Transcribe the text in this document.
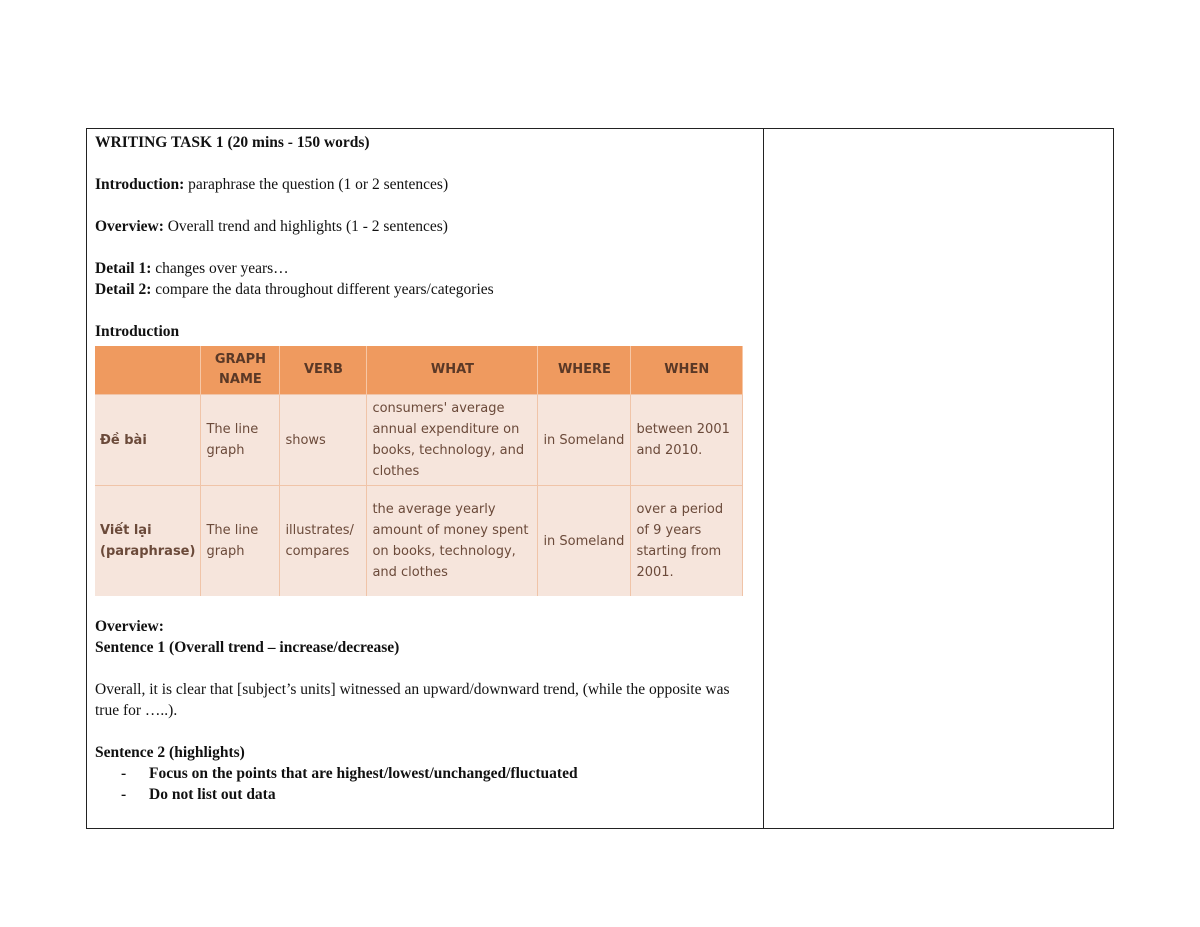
WRITING TASK 1 (20 mins - 150 words)

Introduction: paraphrase the question (1 or 2 sentences)

Overview: Overall trend and highlights (1 - 2 sentences)

Detail 1: changes over years…

Detail 2: compare the data throughout different years/categories

Introduction

	GRAPH NAME	VERB	WHAT	WHERE	WHEN
Đề bài	The line graph	shows	consumers' average annual expenditure on books, technology, and clothes	in Someland	between 2001 and 2010.
Viết lại (paraphrase)	The line graph	illustrates/ compares	the average yearly amount of money spent on books, technology, and clothes	in Someland	over a period of 9 years starting from 2001.

Overview:

Sentence 1 (Overall trend – increase/decrease)

Overall, it is clear that [subject’s units] witnessed an upward/downward trend, (while the opposite was true for …..).

Sentence 2 (highlights)

- Focus on the points that are highest/lowest/unchanged/fluctuated
- Do not list out data
